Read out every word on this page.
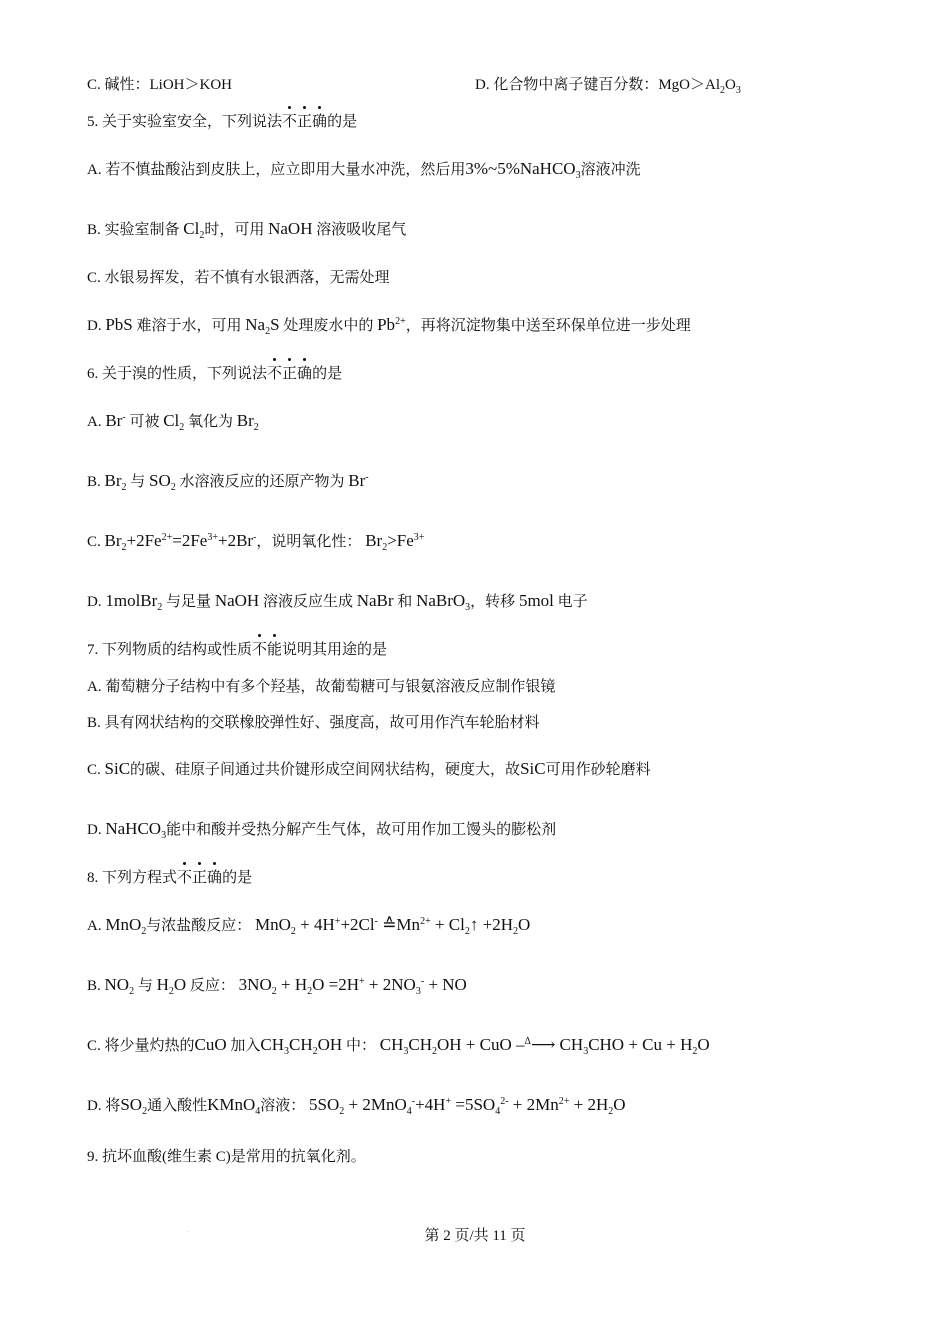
C. 碱性：LiOH＞KOH	D. 化合物中离子键百分数：$MgO>Al_2O_3$
5. 关于实验室安全，下列说法不正确的是
A. 若不慎盐酸沾到皮肤上，应立即用大量水冲洗，然后用3%~5%NaHCO$_3$溶液冲洗
B. 实验室制备 $Cl_2$时，可用 NaOH 溶液吸收尾气
C. 水银易挥发，若不慎有水银洒落，无需处理
D. PbS 难溶于水，可用 $Na_2S$ 处理废水中的 $Pb^{2+}$，再将沉淀物集中送至环保单位进一步处理
6. 关于溴的性质，下列说法不正确的是
A. Br- 可被 $Cl_2$ 氧化为 $Br_2$
B. $Br_2$ 与 $SO_2$ 水溶液反应的还原产物为 Br-
C. $Br_2+2Fe^{2+}=2Fe^{3+}+2Br^-$，说明氧化性： $Br_2>Fe^{3+}$
D. 1molBr$_2$ 与足量 NaOH 溶液反应生成 NaBr 和 NaBrO$_3$，转移 5mol 电子
7. 下列物质的结构或性质不能说明其用途的是
A. 葡萄糖分子结构中有多个羟基，故葡萄糖可与银氨溶液反应制作银镜
B. 具有网状结构的交联橡胶弹性好、强度高，故可用作汽车轮胎材料
C. SiC的碳、硅原子间通过共价键形成空间网状结构，硬度大，故SiC可用作砂轮磨料
D. NaHCO$_3$能中和酸并受热分解产生气体，故可用作加工馒头的膨松剂
8. 下列方程式不正确的是
A. MnO$_2$与浓盐酸反应： MnO$_2$ + 4H++2Cl- $≙Mn^{2+}$ + $Cl_2↑ +2H_2O$
B. $NO_2$ 与 $H_2O$ 反应： $3NO_2 + H_2O =2H^+ + 2NO_3^-$ + NO
C. 将少量灼热的CuO 加入$CH_3CH_2OH$ 中： $CH_3CH_2OH$ + CuO –$^\Delta$⟶ $CH_3CHO + Cu + H_2O$
D. 将$SO_2$通入酸性KMnO$_4$溶液： $5SO_2 + 2MnO_4^-+4H^+ =5SO_4^{2-} + 2Mn^{2+} + 2H_2O$
9. 抗坏血酸(维生素 C)是常用的抗氧化剂。
.	第 2 页/共 11 页
